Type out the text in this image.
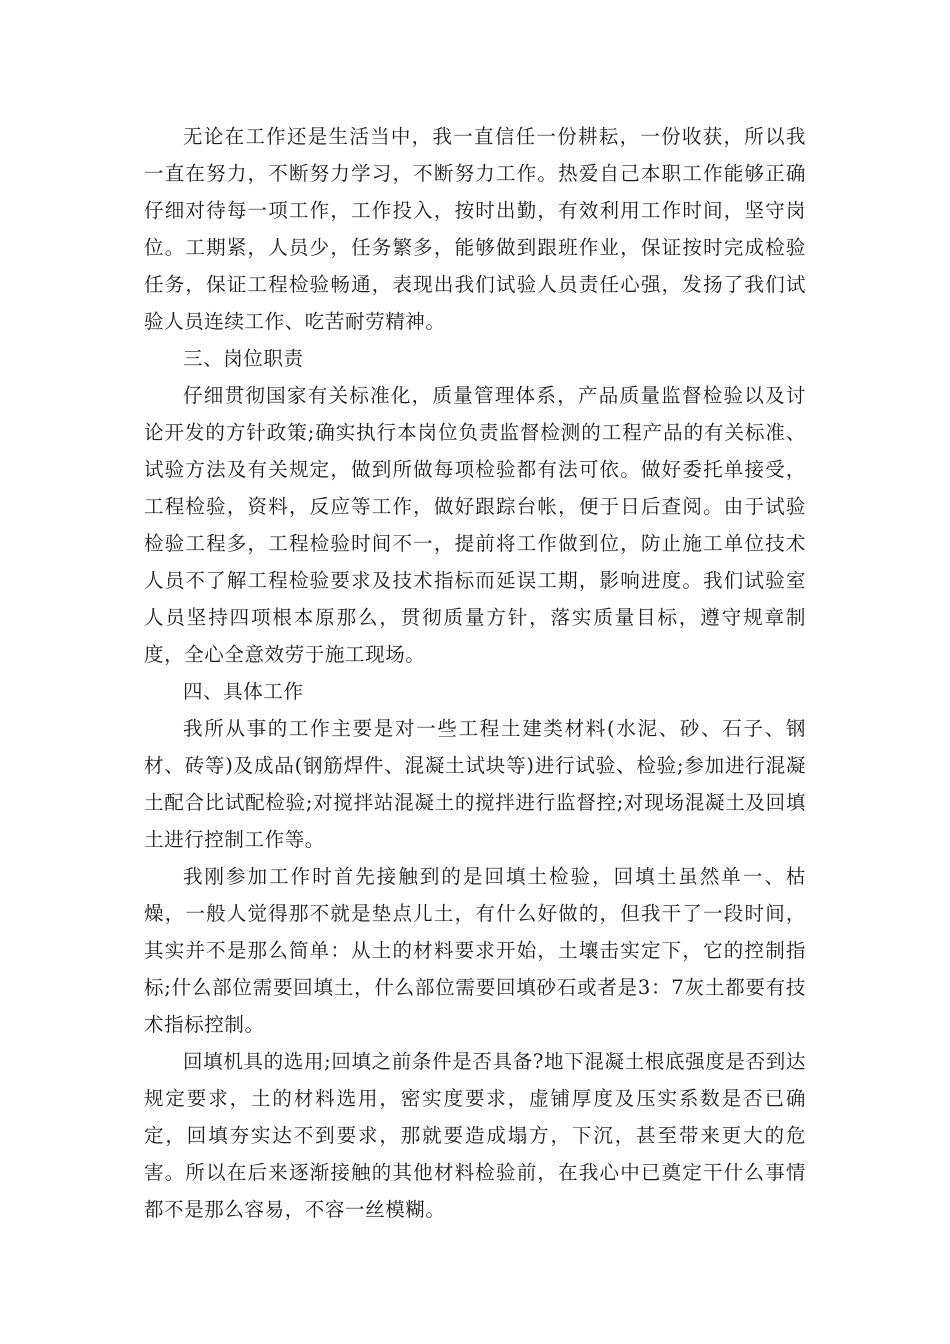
无论在工作还是生活当中，我一直信任一份耕耘，一份收获，所以我一直在努力，不断努力学习，不断努力工作。热爱自己本职工作能够正确仔细对待每一项工作，工作投入，按时出勤，有效利用工作时间，坚守岗位。工期紧，人员少，任务繁多，能够做到跟班作业，保证按时完成检验任务，保证工程检验畅通，表现出我们试验人员责任心强，发扬了我们试验人员连续工作、吃苦耐劳精神。

三、岗位职责

仔细贯彻国家有关标准化，质量管理体系，产品质量监督检验以及讨论开发的方针政策;确实执行本岗位负责监督检测的工程产品的有关标准、试验方法及有关规定，做到所做每项检验都有法可依。做好委托单接受，工程检验，资料，反应等工作，做好跟踪台帐，便于日后查阅。由于试验检验工程多，工程检验时间不一，提前将工作做到位，防止施工单位技术人员不了解工程检验要求及技术指标而延误工期，影响进度。我们试验室人员坚持四项根本原那么，贯彻质量方针，落实质量目标，遵守规章制度，全心全意效劳于施工现场。

四、具体工作

我所从事的工作主要是对一些工程土建类材料(水泥、砂、石子、钢材、砖等)及成品(钢筋焊件、混凝土试块等)进行试验、检验;参加进行混凝土配合比试配检验;对搅拌站混凝土的搅拌进行监督控;对现场混凝土及回填土进行控制工作等。

我刚参加工作时首先接触到的是回填土检验，回填土虽然单一、枯燥，一般人觉得那不就是垫点儿土，有什么好做的，但我干了一段时间，其实并不是那么简单：从土的材料要求开始，土壤击实定下，它的控制指标;什么部位需要回填土，什么部位需要回填砂石或者是3：7灰土都要有技术指标控制。

回填机具的选用;回填之前条件是否具备?地下混凝土根底强度是否到达规定要求，土的材料选用，密实度要求，虚铺厚度及压实系数是否已确定，回填夯实达不到要求，那就要造成塌方，下沉，甚至带来更大的危害。所以在后来逐渐接触的其他材料检验前，在我心中已奠定干什么事情都不是那么容易，不容一丝模糊。
